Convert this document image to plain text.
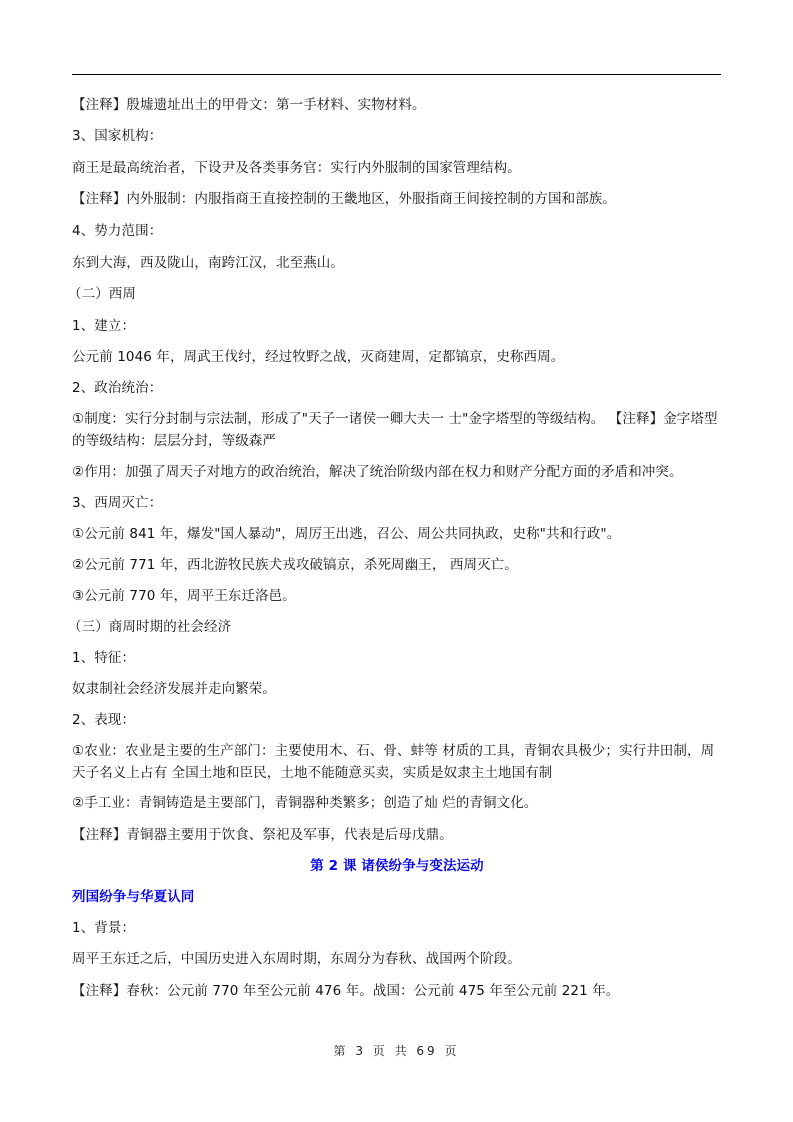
【注释】殷墟遗址出土的甲骨文：第一手材料、实物材料。
3、国家机构：
商王是最高统治者，下设尹及各类事务官：实行内外服制的国家管理结构。
【注释】内外服制：内服指商王直接控制的王畿地区，外服指商王间接控制的方国和部族。
4、势力范围：
东到大海，西及陇山，南跨江汉，北至燕山。
（二）西周
1、建立：
公元前 1046 年，周武王伐纣，经过牧野之战，灭商建周，定都镐京，史称西周。
2、政治统治：
①制度：实行分封制与宗法制，形成了"天子一诸侯一卿大夫一 士"金字塔型的等级结构。 【注释】金字塔型的等级结构：层层分封，等级森严
②作用：加强了周天子对地方的政治统治，解决了统治阶级内部在权力和财产分配方面的矛盾和冲突。
3、西周灭亡：
①公元前 841 年，爆发"国人暴动"，周厉王出逃，召公、周公共同执政，史称"共和行政"。
②公元前 771 年，西北游牧民族犬戎攻破镐京，杀死周幽王， 西周灭亡。
③公元前 770 年，周平王东迁洛邑。
（三）商周时期的社会经济
1、特征：
奴隶制社会经济发展并走向繁荣。
2、表现：
①农业：农业是主要的生产部门：主要使用木、石、骨、蚌等 材质的工具，青铜农具极少；实行井田制，周天子名义上占有 全国土地和臣民，土地不能随意买卖，实质是奴隶主土地国有制
②手工业：青铜铸造是主要部门，青铜器种类繁多；创造了灿 烂的青铜文化。
【注释】青铜器主要用于饮食、祭祀及军事，代表是后母戊鼎。
第 2 课 诸侯纷争与变法运动
列国纷争与华夏认同
1、背景：
周平王东迁之后，中国历史进入东周时期，东周分为春秋、战国两个阶段。
【注释】春秋：公元前 770 年至公元前 476 年。战国：公元前 475 年至公元前 221 年。
第 3 页 共 69 页
